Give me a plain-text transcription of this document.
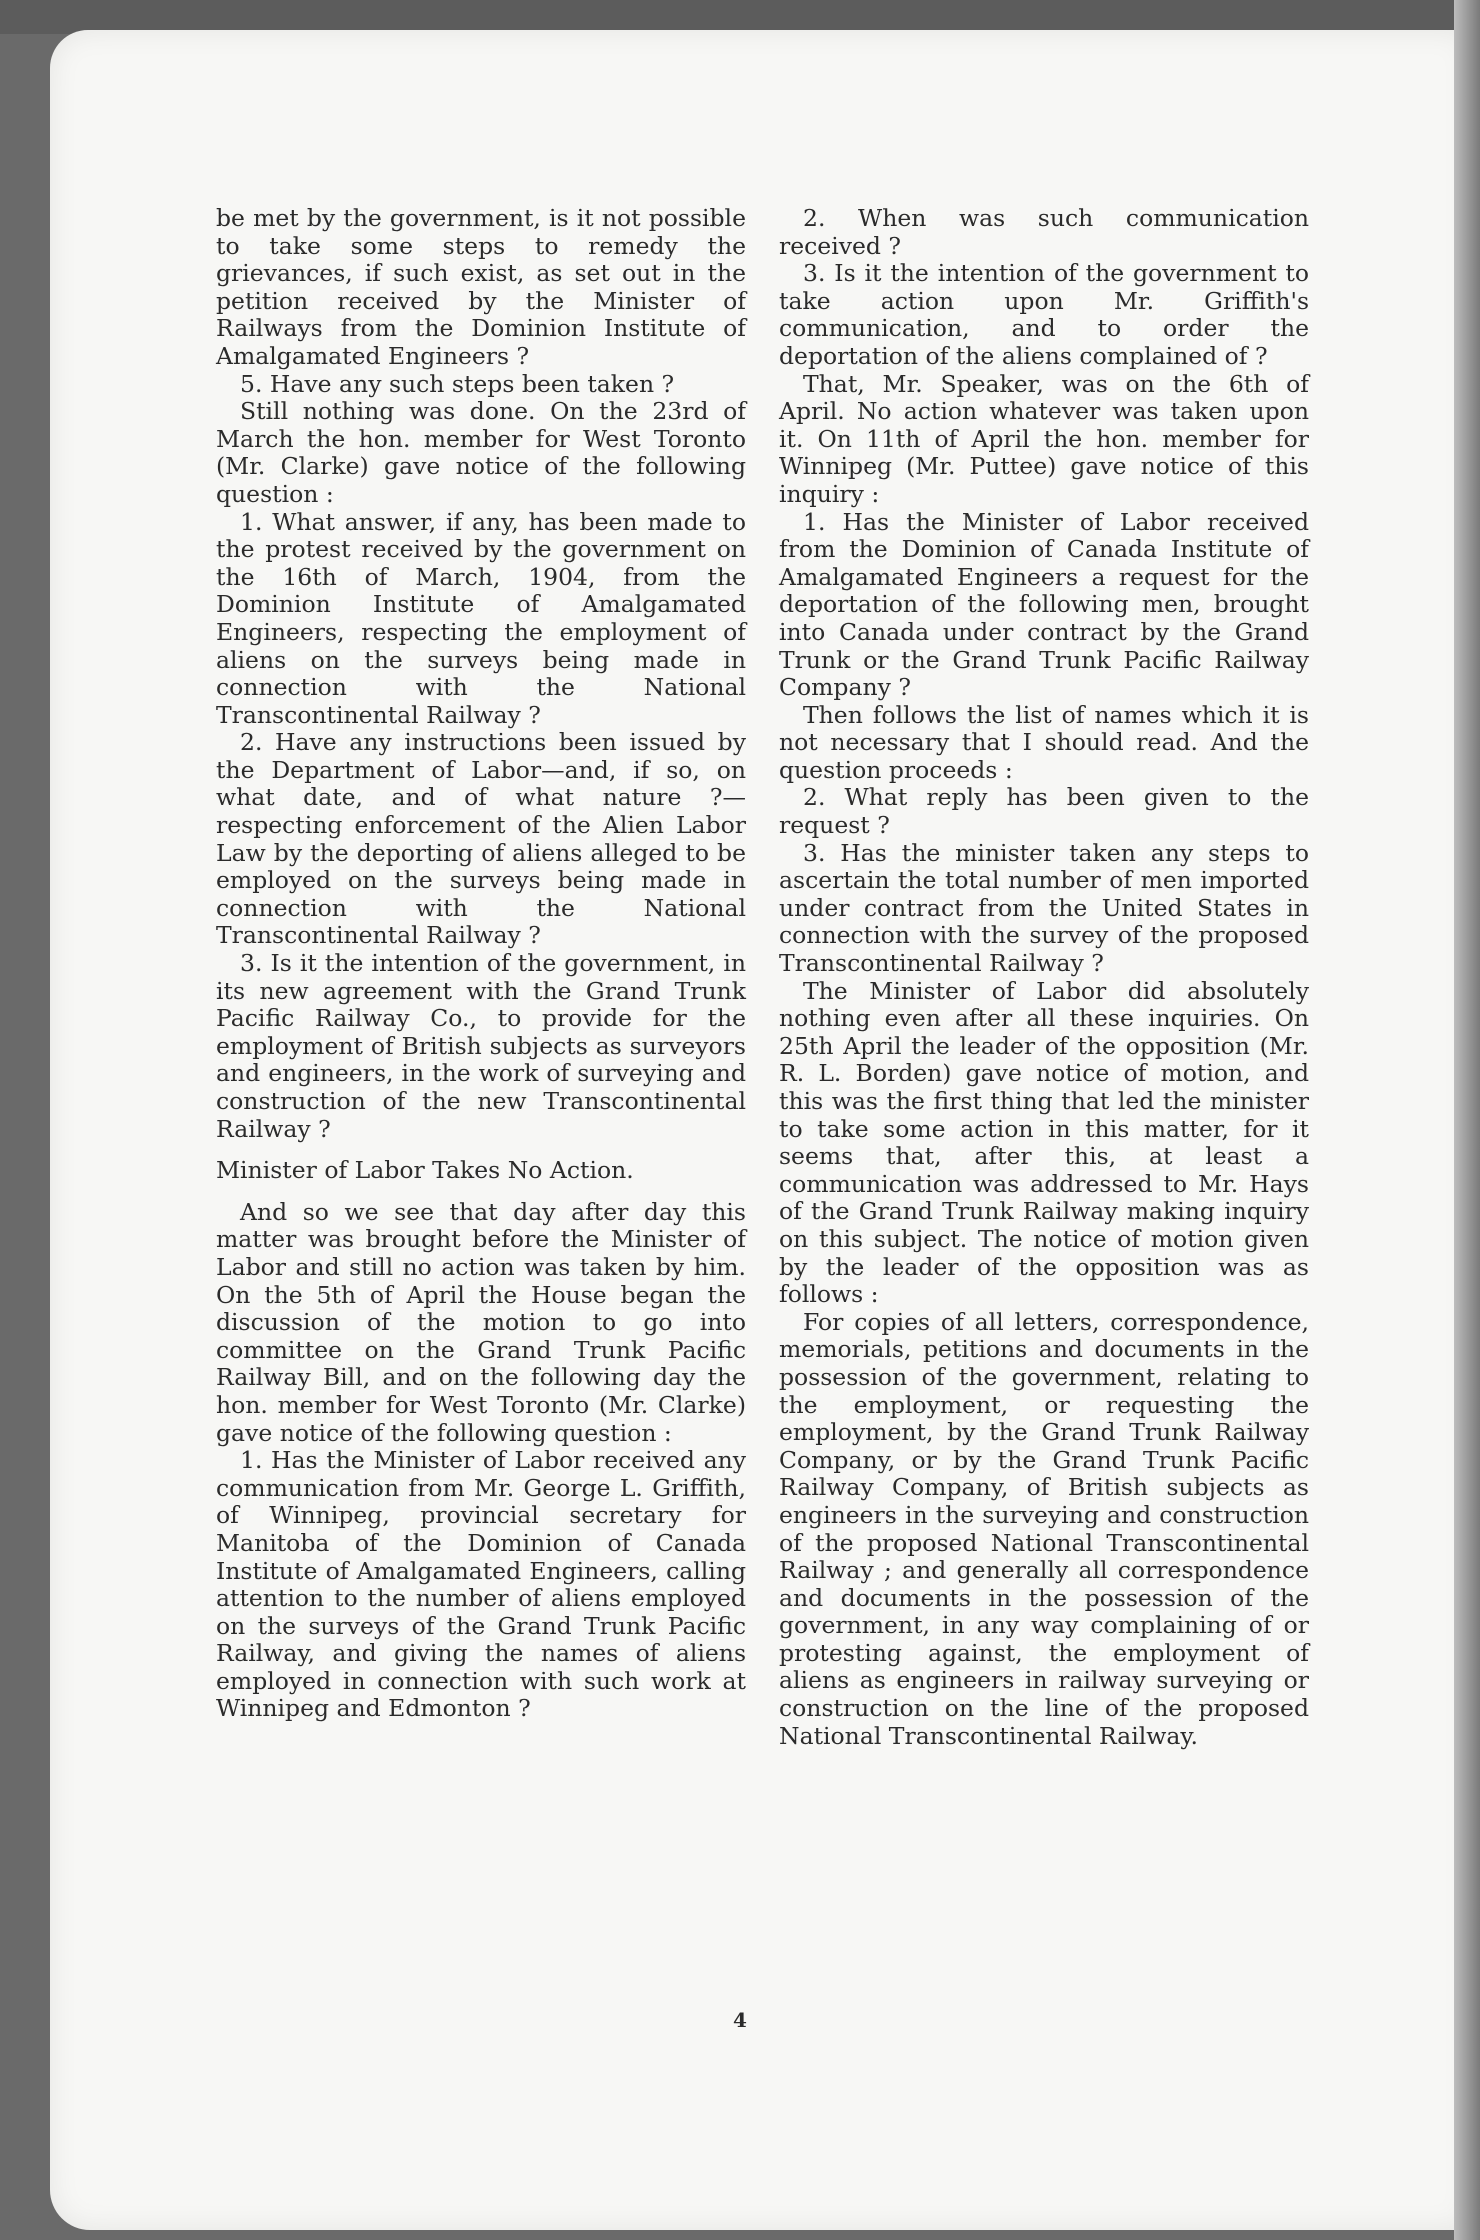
be met by the government, is it not possible to take some steps to remedy the grievances, if such exist, as set out in the petition received by the Minister of Railways from the Dominion Institute of Amalgamated Engineers ?

5. Have any such steps been taken ?

Still nothing was done. On the 23rd of March the hon. member for West Toronto (Mr. Clarke) gave notice of the following question :

1. What answer, if any, has been made to the protest received by the government on the 16th of March, 1904, from the Dominion Institute of Amalgamated Engineers, respecting the employment of aliens on the surveys being made in connection with the National Transcontinental Railway ?

2. Have any instructions been issued by the Department of Labor—and, if so, on what date, and of what nature ?—respecting enforcement of the Alien Labor Law by the deporting of aliens alleged to be employed on the surveys being made in connection with the National Transcontinental Railway ?

3. Is it the intention of the government, in its new agreement with the Grand Trunk Pacific Railway Co., to provide for the employment of British subjects as surveyors and engineers, in the work of surveying and construction of the new Transcontinental Railway ?

Minister of Labor Takes No Action.

And so we see that day after day this matter was brought before the Minister of Labor and still no action was taken by him. On the 5th of April the House began the discussion of the motion to go into committee on the Grand Trunk Pacific Railway Bill, and on the following day the hon. member for West Toronto (Mr. Clarke) gave notice of the following question :

1. Has the Minister of Labor received any communication from Mr. George L. Griffith, of Winnipeg, provincial secretary for Manitoba of the Dominion of Canada Institute of Amalgamated Engineers, calling attention to the number of aliens employed on the surveys of the Grand Trunk Pacific Railway, and giving the names of aliens employed in connection with such work at Winnipeg and Edmonton ?

2. When was such communication received ?

3. Is it the intention of the government to take action upon Mr. Griffith's communication, and to order the deportation of the aliens complained of ?

That, Mr. Speaker, was on the 6th of April. No action whatever was taken upon it. On 11th of April the hon. member for Winnipeg (Mr. Puttee) gave notice of this inquiry :

1. Has the Minister of Labor received from the Dominion of Canada Institute of Amalgamated Engineers a request for the deportation of the following men, brought into Canada under contract by the Grand Trunk or the Grand Trunk Pacific Railway Company ?

Then follows the list of names which it is not necessary that I should read. And the question proceeds :

2. What reply has been given to the request ?

3. Has the minister taken any steps to ascertain the total number of men imported under contract from the United States in connection with the survey of the proposed Transcontinental Railway ?

The Minister of Labor did absolutely nothing even after all these inquiries. On 25th April the leader of the opposition (Mr. R. L. Borden) gave notice of motion, and this was the first thing that led the minister to take some action in this matter, for it seems that, after this, at least a communication was addressed to Mr. Hays of the Grand Trunk Railway making inquiry on this subject. The notice of motion given by the leader of the opposition was as follows :

For copies of all letters, correspondence, memorials, petitions and documents in the possession of the government, relating to the employment, or requesting the employment, by the Grand Trunk Railway Company, or by the Grand Trunk Pacific Railway Company, of British subjects as engineers in the surveying and construction of the proposed National Transcontinental Railway ; and generally all correspondence and documents in the possession of the government, in any way complaining of or protesting against, the employment of aliens as engineers in railway surveying or construction on the line of the proposed National Transcontinental Railway.

4
